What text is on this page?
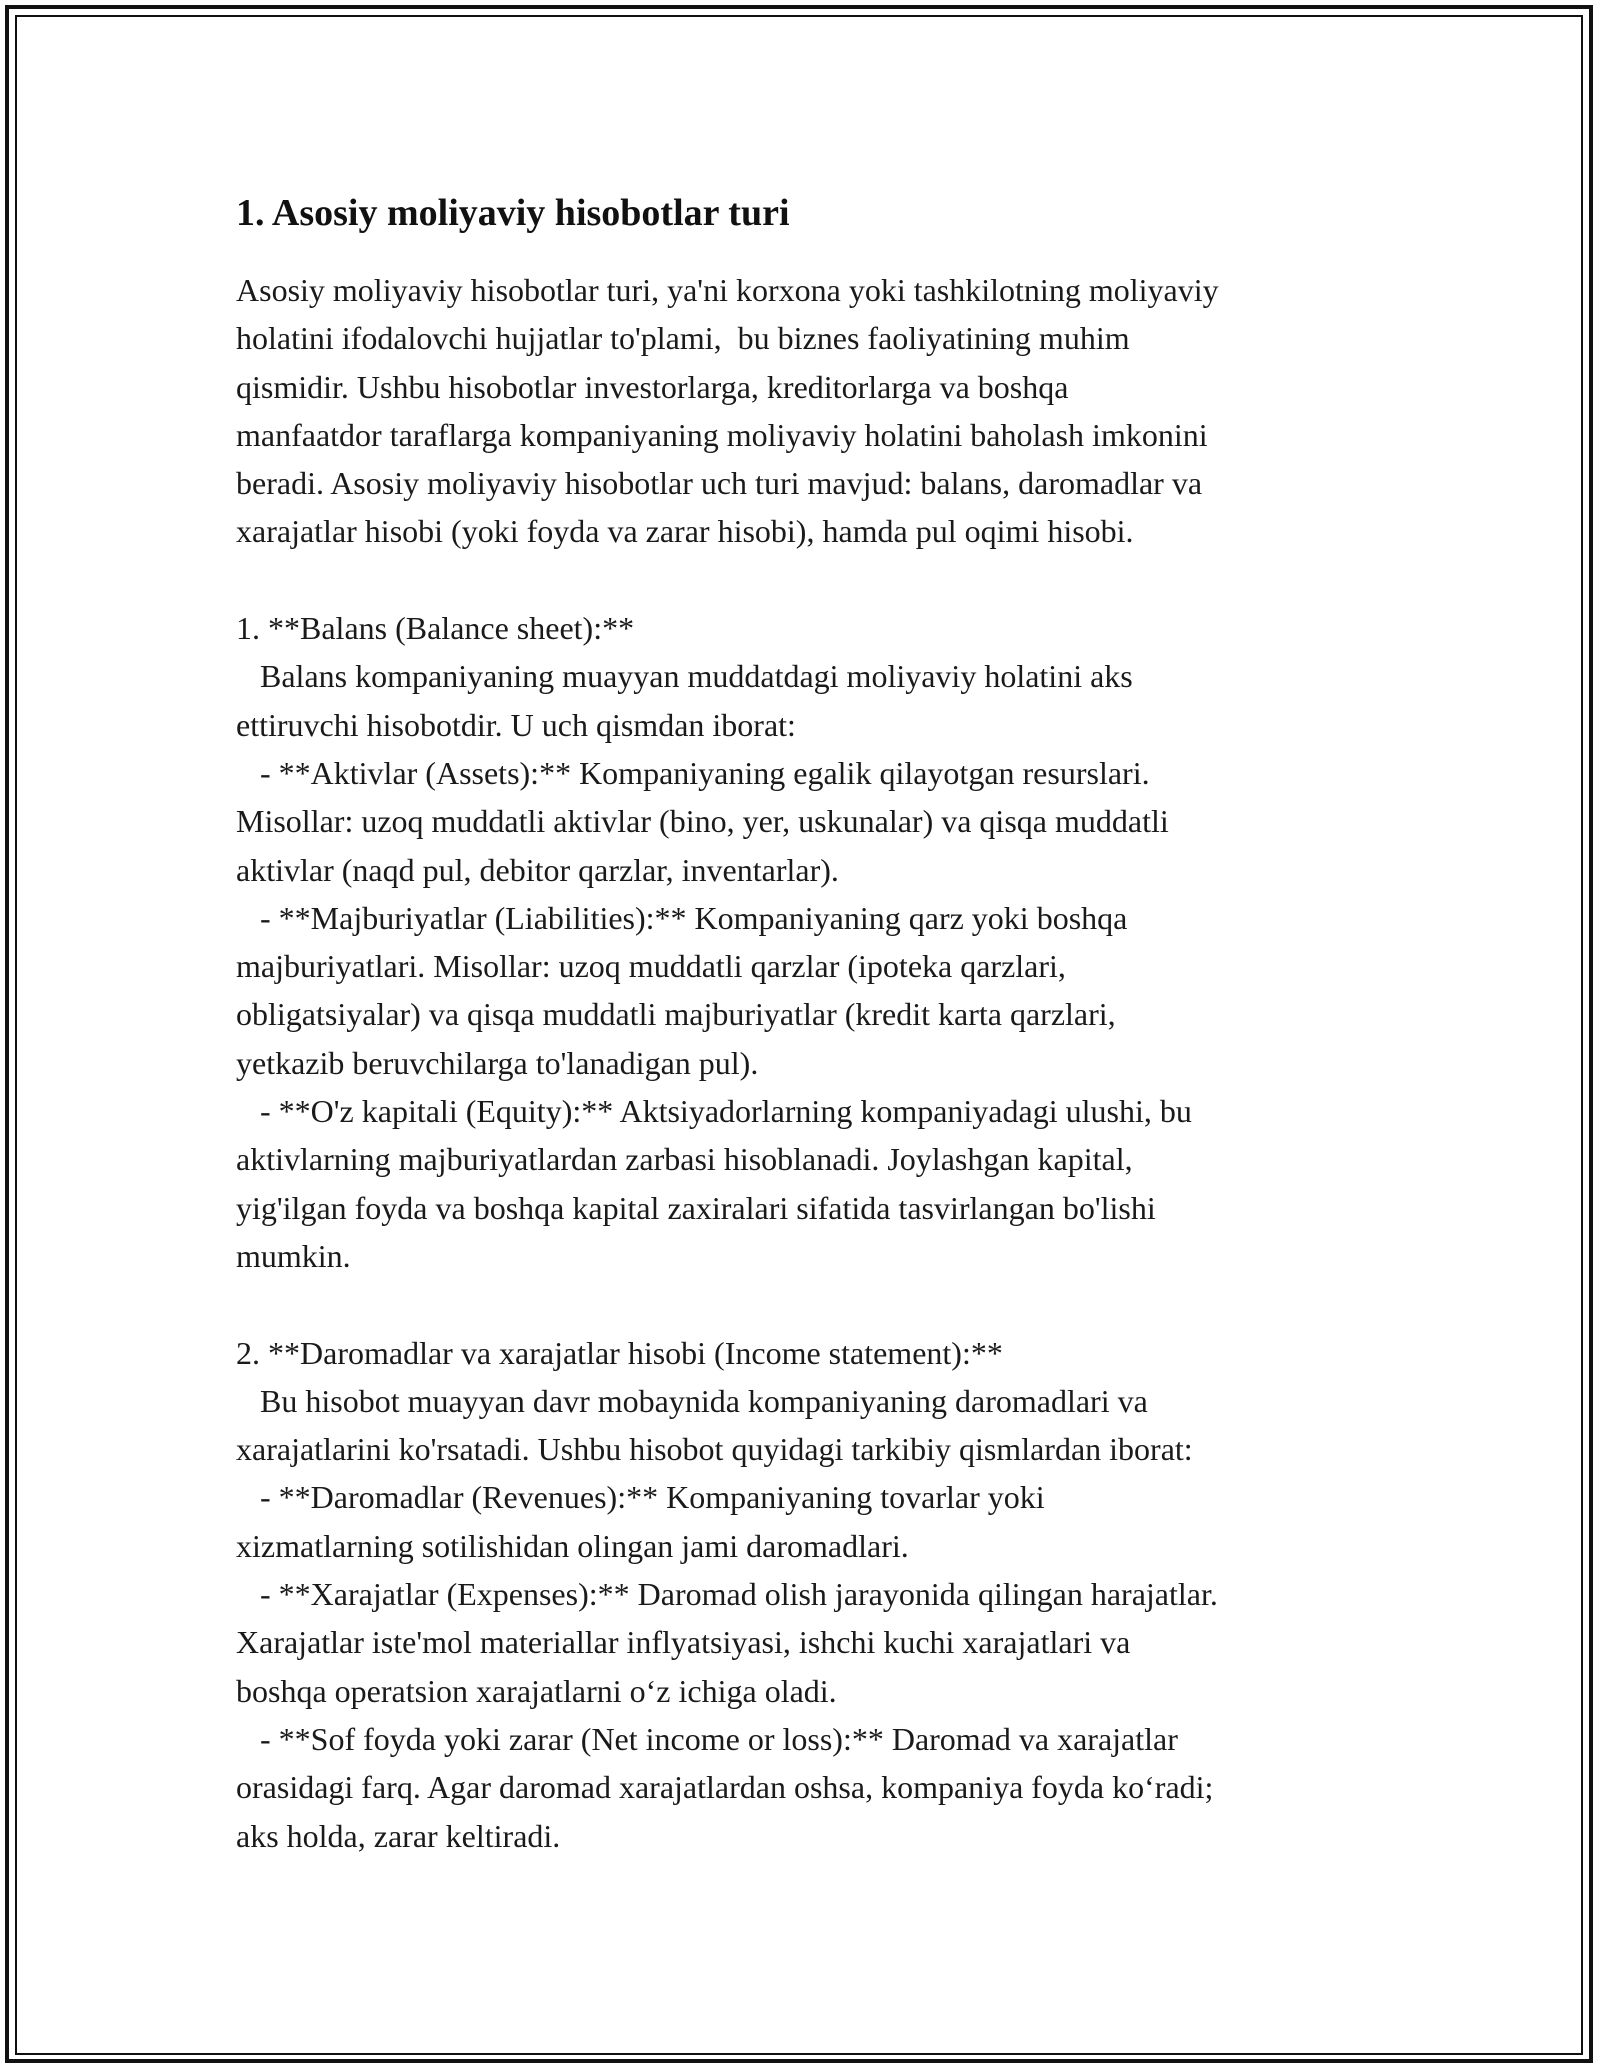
1. Asosiy moliyaviy hisobotlar turi
Asosiy moliyaviy hisobotlar turi, ya'ni korxona yoki tashkilotning moliyaviy
holatini ifodalovchi hujjatlar to'plami,  bu biznes faoliyatining muhim
qismidir. Ushbu hisobotlar investorlarga, kreditorlarga va boshqa
manfaatdor taraflarga kompaniyaning moliyaviy holatini baholash imkonini
beradi. Asosiy moliyaviy hisobotlar uch turi mavjud: balans, daromadlar va
xarajatlar hisobi (yoki foyda va zarar hisobi), hamda pul oqimi hisobi.

1. **Balans (Balance sheet):**
Balans kompaniyaning muayyan muddatdagi moliyaviy holatini aks
ettiruvchi hisobotdir. U uch qismdan iborat:
- **Aktivlar (Assets):** Kompaniyaning egalik qilayotgan resurslari.
Misollar: uzoq muddatli aktivlar (bino, yer, uskunalar) va qisqa muddatli
aktivlar (naqd pul, debitor qarzlar, inventarlar).
- **Majburiyatlar (Liabilities):** Kompaniyaning qarz yoki boshqa
majburiyatlari. Misollar: uzoq muddatli qarzlar (ipoteka qarzlari,
obligatsiyalar) va qisqa muddatli majburiyatlar (kredit karta qarzlari,
yetkazib beruvchilarga to'lanadigan pul).
- **O'z kapitali (Equity):** Aktsiyadorlarning kompaniyadagi ulushi, bu
aktivlarning majburiyatlardan zarbasi hisoblanadi. Joylashgan kapital,
yig'ilgan foyda va boshqa kapital zaxiralari sifatida tasvirlangan bo'lishi
mumkin.

2. **Daromadlar va xarajatlar hisobi (Income statement):**
Bu hisobot muayyan davr mobaynida kompaniyaning daromadlari va
xarajatlarini ko'rsatadi. Ushbu hisobot quyidagi tarkibiy qismlardan iborat:
- **Daromadlar (Revenues):** Kompaniyaning tovarlar yoki
xizmatlarning sotilishidan olingan jami daromadlari.
- **Xarajatlar (Expenses):** Daromad olish jarayonida qilingan harajatlar.
Xarajatlar iste'mol materiallar inflyatsiyasi, ishchi kuchi xarajatlari va
boshqa operatsion xarajatlarni o‘z ichiga oladi.
- **Sof foyda yoki zarar (Net income or loss):** Daromad va xarajatlar
orasidagi farq. Agar daromad xarajatlardan oshsa, kompaniya foyda ko‘radi;
aks holda, zarar keltiradi.
